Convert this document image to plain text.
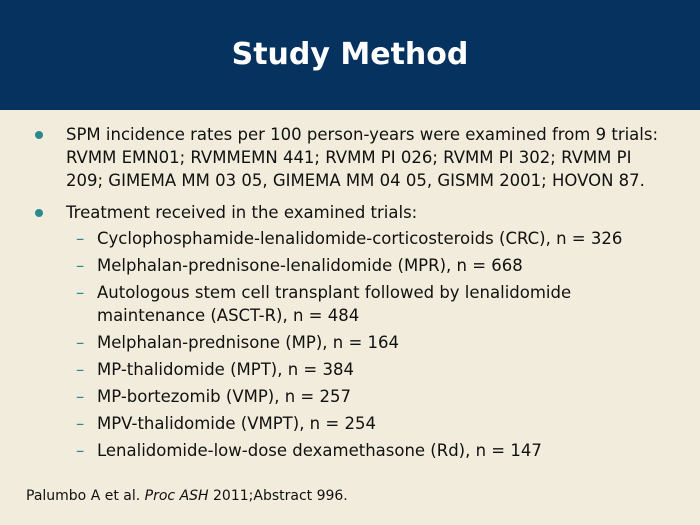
Study Method
SPM incidence rates per 100 person-years were examined from 9 trials: RVMM EMN01; RVMMEMN 441; RVMM PI 026; RVMM PI 302; RVMM PI 209; GIMEMA MM 03 05, GIMEMA MM 04 05, GISMM 2001; HOVON 87.
Treatment received in the examined trials:
– Cyclophosphamide-lenalidomide-corticosteroids (CRC), n = 326
– Melphalan-prednisone-lenalidomide (MPR), n = 668
– Autologous stem cell transplant followed by lenalidomide maintenance (ASCT-R), n = 484
– Melphalan-prednisone (MP), n = 164
– MP-thalidomide (MPT), n = 384
– MP-bortezomib (VMP), n = 257
– MPV-thalidomide (VMPT), n = 254
– Lenalidomide-low-dose dexamethasone (Rd), n = 147
Palumbo A et al. Proc ASH 2011;Abstract 996.
